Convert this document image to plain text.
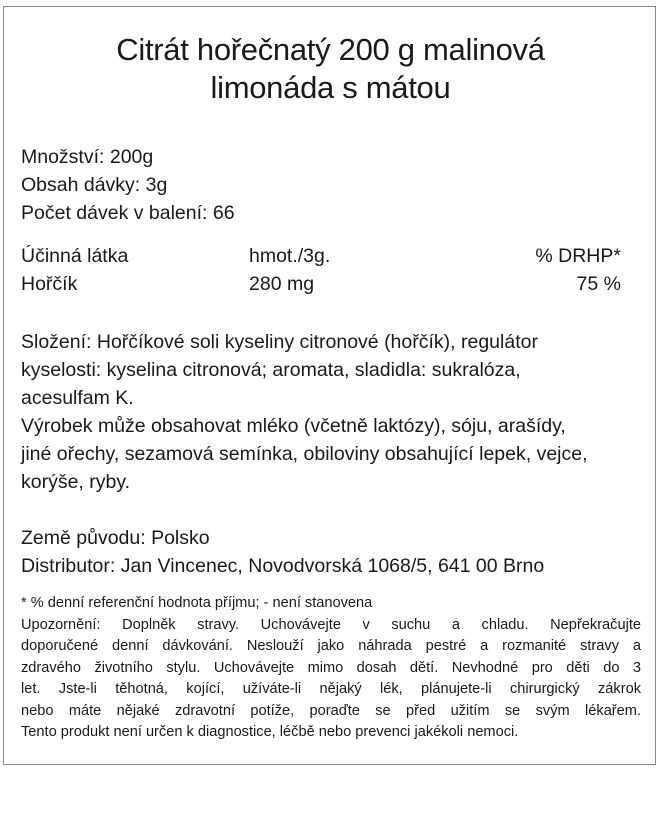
Citrát hořečnatý 200 g malinová
limonáda s mátou
Množství: 200g
Obsah dávky: 3g
Počet dávek v balení: 66
Účinná látka	hmot./3g.	% DRHP*
Hořčík	280 mg	75 %
Složení: Hořčíkové soli kyseliny citronové (hořčík), regulátor
kyselosti: kyselina citronová; aromata, sladidla: sukralóza,
acesulfam K.
Výrobek může obsahovat mléko (včetně laktózy), sóju, arašídy,
jiné ořechy, sezamová semínka, obiloviny obsahující lepek, vejce,
korýše, ryby.
Země původu: Polsko
Distributor: Jan Vincenec, Novodvorská 1068/5, 641 00 Brno
* % denní referenční hodnota příjmu; - není stanovena
Upozornění: Doplněk stravy. Uchovávejte v suchu a chladu. Nepřekračujte
doporučené denní dávkování. Neslouží jako náhrada pestré a rozmanité stravy a
zdravého životního stylu. Uchovávejte mimo dosah dětí. Nevhodné pro děti do 3
let. Jste-li těhotná, kojící, užíváte-li nějaký lék, plánujete-li chirurgický zákrok
nebo máte nějaké zdravotní potíže, poraďte se před užitím se svým lékařem.
Tento produkt není určen k diagnostice, léčbě nebo prevenci jakékoli nemoci.
